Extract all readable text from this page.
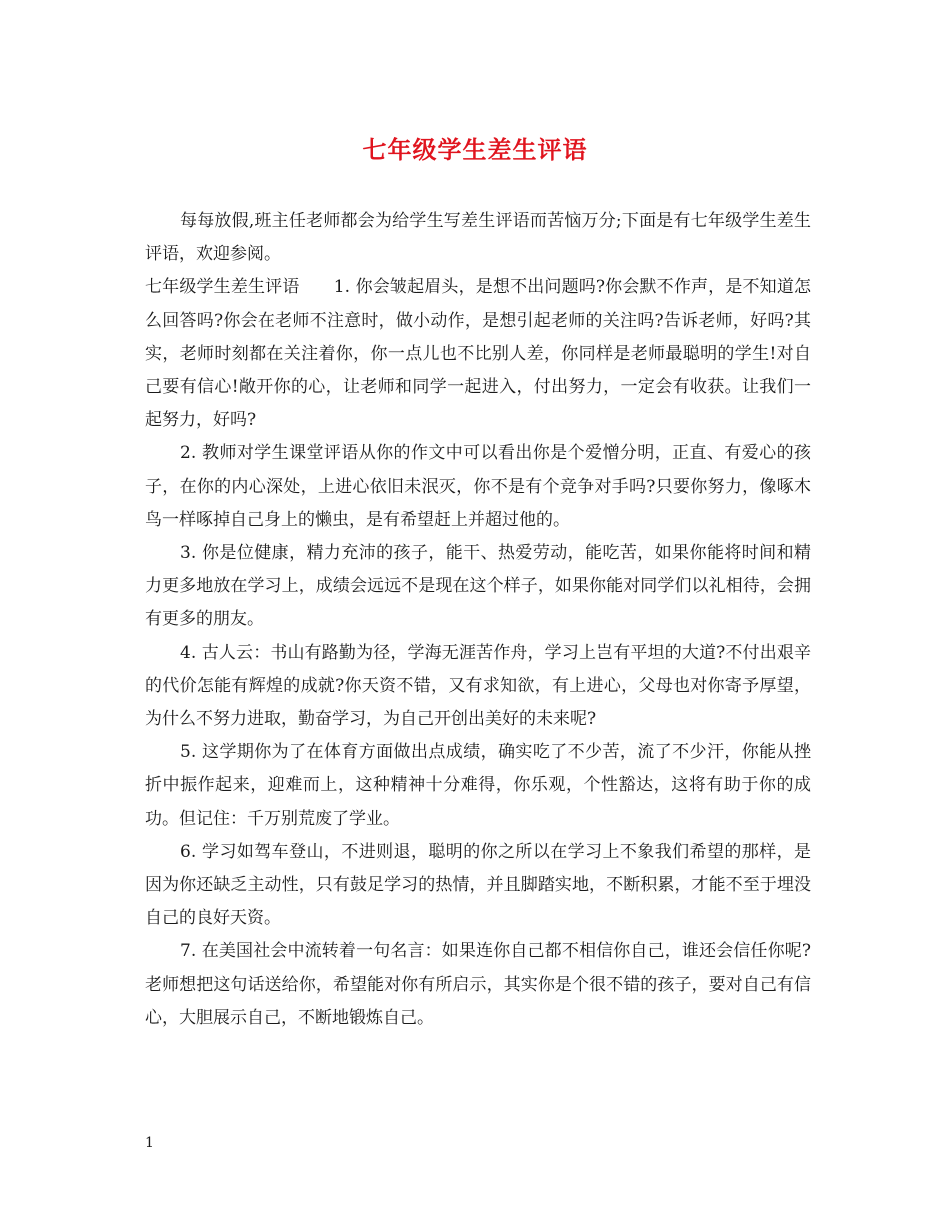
七年级学生差生评语

每每放假,班主任老师都会为给学生写差生评语而苦恼万分;下面是有七年级学生差生评语，欢迎参阅。

七年级学生差生评语　　1. 你会皱起眉头，是想不出问题吗?你会默不作声，是不知道怎么回答吗?你会在老师不注意时，做小动作，是想引起老师的关注吗?告诉老师，好吗?其实，老师时刻都在关注着你，你一点儿也不比别人差，你同样是老师最聪明的学生!对自己要有信心!敞开你的心，让老师和同学一起进入，付出努力，一定会有收获。让我们一起努力，好吗?

2. 教师对学生课堂评语从你的作文中可以看出你是个爱憎分明，正直、有爱心的孩子，在你的内心深处，上进心依旧未泯灭，你不是有个竞争对手吗?只要你努力，像啄木鸟一样啄掉自己身上的懒虫，是有希望赶上并超过他的。

3. 你是位健康，精力充沛的孩子，能干、热爱劳动，能吃苦，如果你能将时间和精力更多地放在学习上，成绩会远远不是现在这个样子，如果你能对同学们以礼相待，会拥有更多的朋友。

4. 古人云：书山有路勤为径，学海无涯苦作舟，学习上岂有平坦的大道?不付出艰辛的代价怎能有辉煌的成就?你天资不错，又有求知欲，有上进心，父母也对你寄予厚望，为什么不努力进取，勤奋学习，为自己开创出美好的未来呢?

5. 这学期你为了在体育方面做出点成绩，确实吃了不少苦，流了不少汗，你能从挫折中振作起来，迎难而上，这种精神十分难得，你乐观，个性豁达，这将有助于你的成功。但记住：千万别荒废了学业。

6. 学习如驾车登山，不进则退，聪明的你之所以在学习上不象我们希望的那样，是因为你还缺乏主动性，只有鼓足学习的热情，并且脚踏实地，不断积累，才能不至于埋没自己的良好天资。

7. 在美国社会中流转着一句名言：如果连你自己都不相信你自己，谁还会信任你呢?老师想把这句话送给你，希望能对你有所启示，其实你是个很不错的孩子，要对自己有信心，大胆展示自己，不断地锻炼自己。

1
